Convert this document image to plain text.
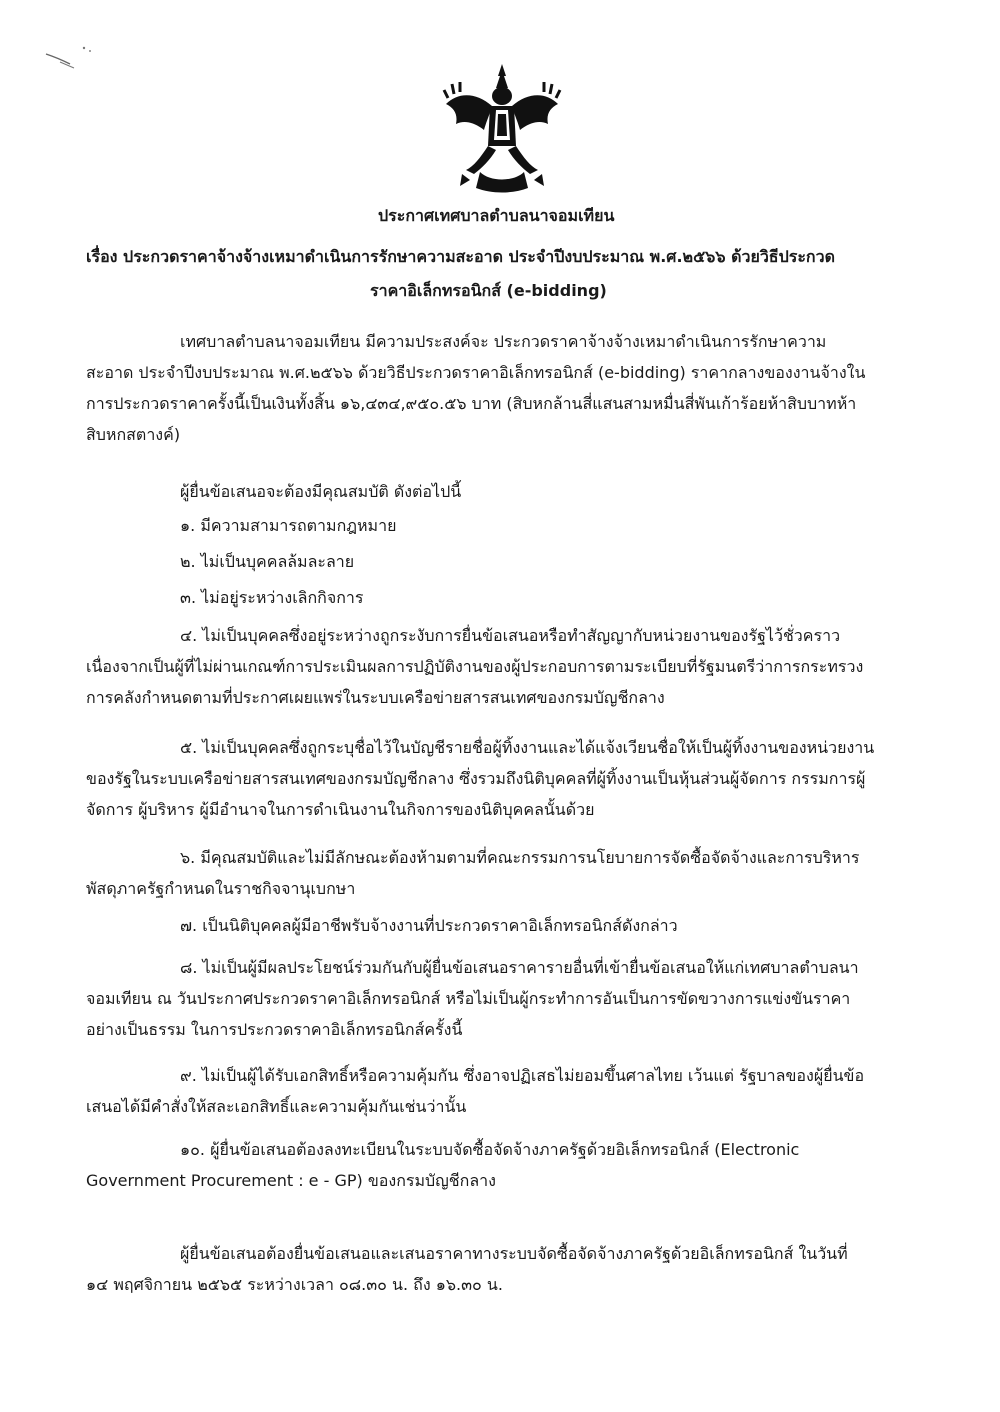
ประกาศเทศบาลตำบลนาจอมเทียน
เรื่อง ประกวดราคาจ้างจ้างเหมาดำเนินการรักษาความสะอาด ประจำปีงบประมาณ พ.ศ.๒๕๖๖ ด้วยวิธีประกวด
ราคาอิเล็กทรอนิกส์ (e-bidding)
เทศบาลตำบลนาจอมเทียน มีความประสงค์จะ ประกวดราคาจ้างจ้างเหมาดำเนินการรักษาความ
สะอาด ประจำปีงบประมาณ พ.ศ.๒๕๖๖ ด้วยวิธีประกวดราคาอิเล็กทรอนิกส์ (e-bidding) ราคากลางของงานจ้างใน
การประกวดราคาครั้งนี้เป็นเงินทั้งสิ้น ๑๖,๔๓๔,๙๕๐.๕๖ บาท (สิบหกล้านสี่แสนสามหมื่นสี่พันเก้าร้อยห้าสิบบาทห้า
สิบหกสตางค์)
ผู้ยื่นข้อเสนอจะต้องมีคุณสมบัติ ดังต่อไปนี้
๑. มีความสามารถตามกฎหมาย
๒. ไม่เป็นบุคคลล้มละลาย
๓. ไม่อยู่ระหว่างเลิกกิจการ
๔. ไม่เป็นบุคคลซึ่งอยู่ระหว่างถูกระงับการยื่นข้อเสนอหรือทำสัญญากับหน่วยงานของรัฐไว้ชั่วคราว
เนื่องจากเป็นผู้ที่ไม่ผ่านเกณฑ์การประเมินผลการปฏิบัติงานของผู้ประกอบการตามระเบียบที่รัฐมนตรีว่าการกระทรวง
การคลังกำหนดตามที่ประกาศเผยแพร่ในระบบเครือข่ายสารสนเทศของกรมบัญชีกลาง
๕. ไม่เป็นบุคคลซึ่งถูกระบุชื่อไว้ในบัญชีรายชื่อผู้ทิ้งงานและได้แจ้งเวียนชื่อให้เป็นผู้ทิ้งงานของหน่วยงาน
ของรัฐในระบบเครือข่ายสารสนเทศของกรมบัญชีกลาง ซึ่งรวมถึงนิติบุคคลที่ผู้ทิ้งงานเป็นหุ้นส่วนผู้จัดการ กรรมการผู้
จัดการ ผู้บริหาร ผู้มีอำนาจในการดำเนินงานในกิจการของนิติบุคคลนั้นด้วย
๖. มีคุณสมบัติและไม่มีลักษณะต้องห้ามตามที่คณะกรรมการนโยบายการจัดซื้อจัดจ้างและการบริหาร
พัสดุภาครัฐกำหนดในราชกิจจานุเบกษา
๗. เป็นนิติบุคคลผู้มีอาชีพรับจ้างงานที่ประกวดราคาอิเล็กทรอนิกส์ดังกล่าว
๘. ไม่เป็นผู้มีผลประโยชน์ร่วมกันกับผู้ยื่นข้อเสนอราคารายอื่นที่เข้ายื่นข้อเสนอให้แก่เทศบาลตำบลนา
จอมเทียน ณ วันประกาศประกวดราคาอิเล็กทรอนิกส์ หรือไม่เป็นผู้กระทำการอันเป็นการขัดขวางการแข่งขันราคา
อย่างเป็นธรรม ในการประกวดราคาอิเล็กทรอนิกส์ครั้งนี้
๙. ไม่เป็นผู้ได้รับเอกสิทธิ์หรือความคุ้มกัน ซึ่งอาจปฏิเสธไม่ยอมขึ้นศาลไทย เว้นแต่ รัฐบาลของผู้ยื่นข้อ
เสนอได้มีคำสั่งให้สละเอกสิทธิ์และความคุ้มกันเช่นว่านั้น
๑๐. ผู้ยื่นข้อเสนอต้องลงทะเบียนในระบบจัดซื้อจัดจ้างภาครัฐด้วยอิเล็กทรอนิกส์ (Electronic
Government Procurement : e - GP) ของกรมบัญชีกลาง
ผู้ยื่นข้อเสนอต้องยื่นข้อเสนอและเสนอราคาทางระบบจัดซื้อจัดจ้างภาครัฐด้วยอิเล็กทรอนิกส์ ในวันที่
๑๔ พฤศจิกายน ๒๕๖๕ ระหว่างเวลา ๐๘.๓๐ น. ถึง ๑๖.๓๐ น.
